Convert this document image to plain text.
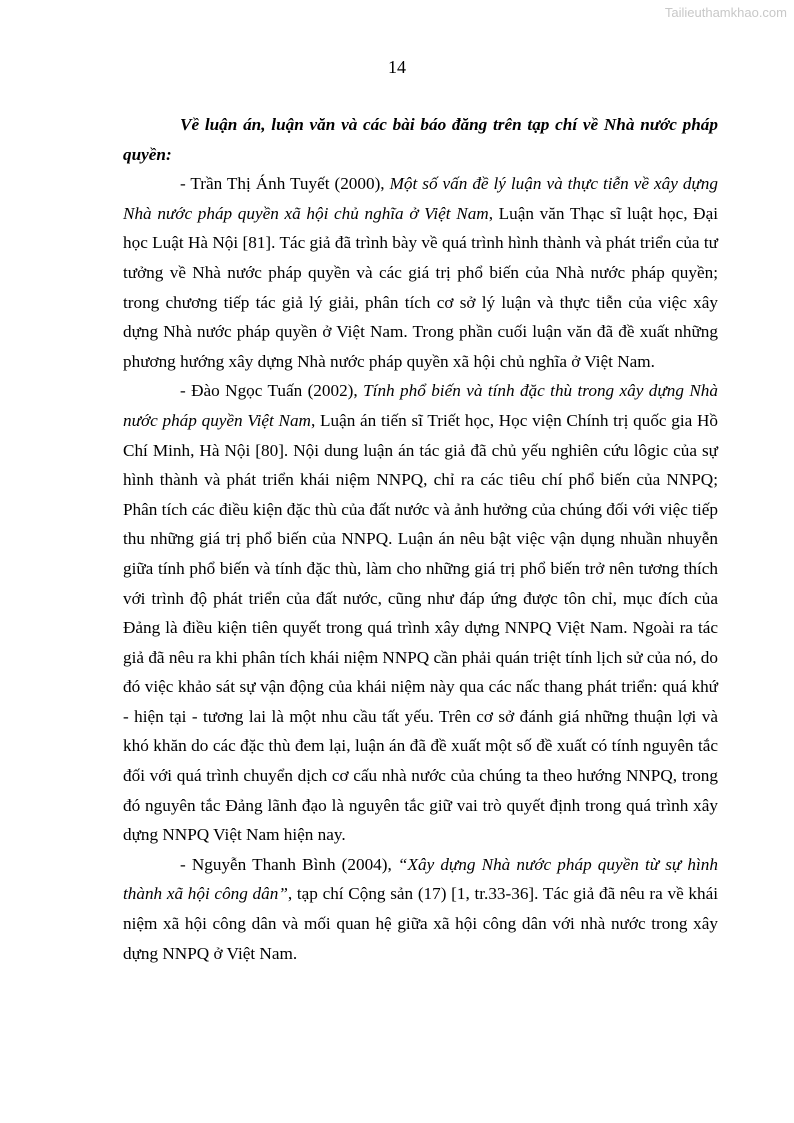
Tailieuthamkhao.com
14

Về luận án, luận văn và các bài báo đăng trên tạp chí về Nhà nước pháp quyền:

- Trần Thị Ánh Tuyết (2000), Một số vấn đề lý luận và thực tiễn về xây dựng Nhà nước pháp quyền xã hội chủ nghĩa ở Việt Nam, Luận văn Thạc sĩ luật học, Đại học Luật Hà Nội [81]. Tác giả đã trình bày về quá trình hình thành và phát triển của tư tưởng về Nhà nước pháp quyền và các giá trị phổ biến của Nhà nước pháp quyền; trong chương tiếp tác giả lý giải, phân tích cơ sở lý luận và thực tiễn của việc xây dựng Nhà nước pháp quyền ở Việt Nam. Trong phần cuối luận văn đã đề xuất những phương hướng xây dựng Nhà nước pháp quyền xã hội chủ nghĩa ở Việt Nam.

- Đào Ngọc Tuấn (2002), Tính phổ biến và tính đặc thù trong xây dựng Nhà nước pháp quyền Việt Nam, Luận án tiến sĩ Triết học, Học viện Chính trị quốc gia Hồ Chí Minh, Hà Nội [80]. Nội dung luận án tác giả đã chủ yếu nghiên cứu lôgic của sự hình thành và phát triển khái niệm NNPQ, chỉ ra các tiêu chí phổ biến của NNPQ; Phân tích các điều kiện đặc thù của đất nước và ảnh hưởng của chúng đối với việc tiếp thu những giá trị phổ biến của NNPQ. Luận án nêu bật việc vận dụng nhuần nhuyễn giữa tính phổ biến và tính đặc thù, làm cho những giá trị phổ biến trở nên tương thích với trình độ phát triển của đất nước, cũng như đáp ứng được tôn chỉ, mục đích của Đảng là điều kiện tiên quyết trong quá trình xây dựng NNPQ Việt Nam. Ngoài ra tác giả đã nêu ra khi phân tích khái niệm NNPQ cần phải quán triệt tính lịch sử của nó, do đó việc khảo sát sự vận động của khái niệm này qua các nấc thang phát triển: quá khứ - hiện tại - tương lai là một nhu cầu tất yếu. Trên cơ sở đánh giá những thuận lợi và khó khăn do các đặc thù đem lại, luận án đã đề xuất một số đề xuất có tính nguyên tắc đối với quá trình chuyển dịch cơ cấu nhà nước của chúng ta theo hướng NNPQ, trong đó nguyên tắc Đảng lãnh đạo là nguyên tắc giữ vai trò quyết định trong quá trình xây dựng NNPQ Việt Nam hiện nay.

- Nguyễn Thanh Bình (2004), “Xây dựng Nhà nước pháp quyền từ sự hình thành xã hội công dân”, tạp chí Cộng sản (17) [1, tr.33-36]. Tác giả đã nêu ra về khái niệm xã hội công dân và mối quan hệ giữa xã hội công dân với nhà nước trong xây dựng NNPQ ở Việt Nam.
